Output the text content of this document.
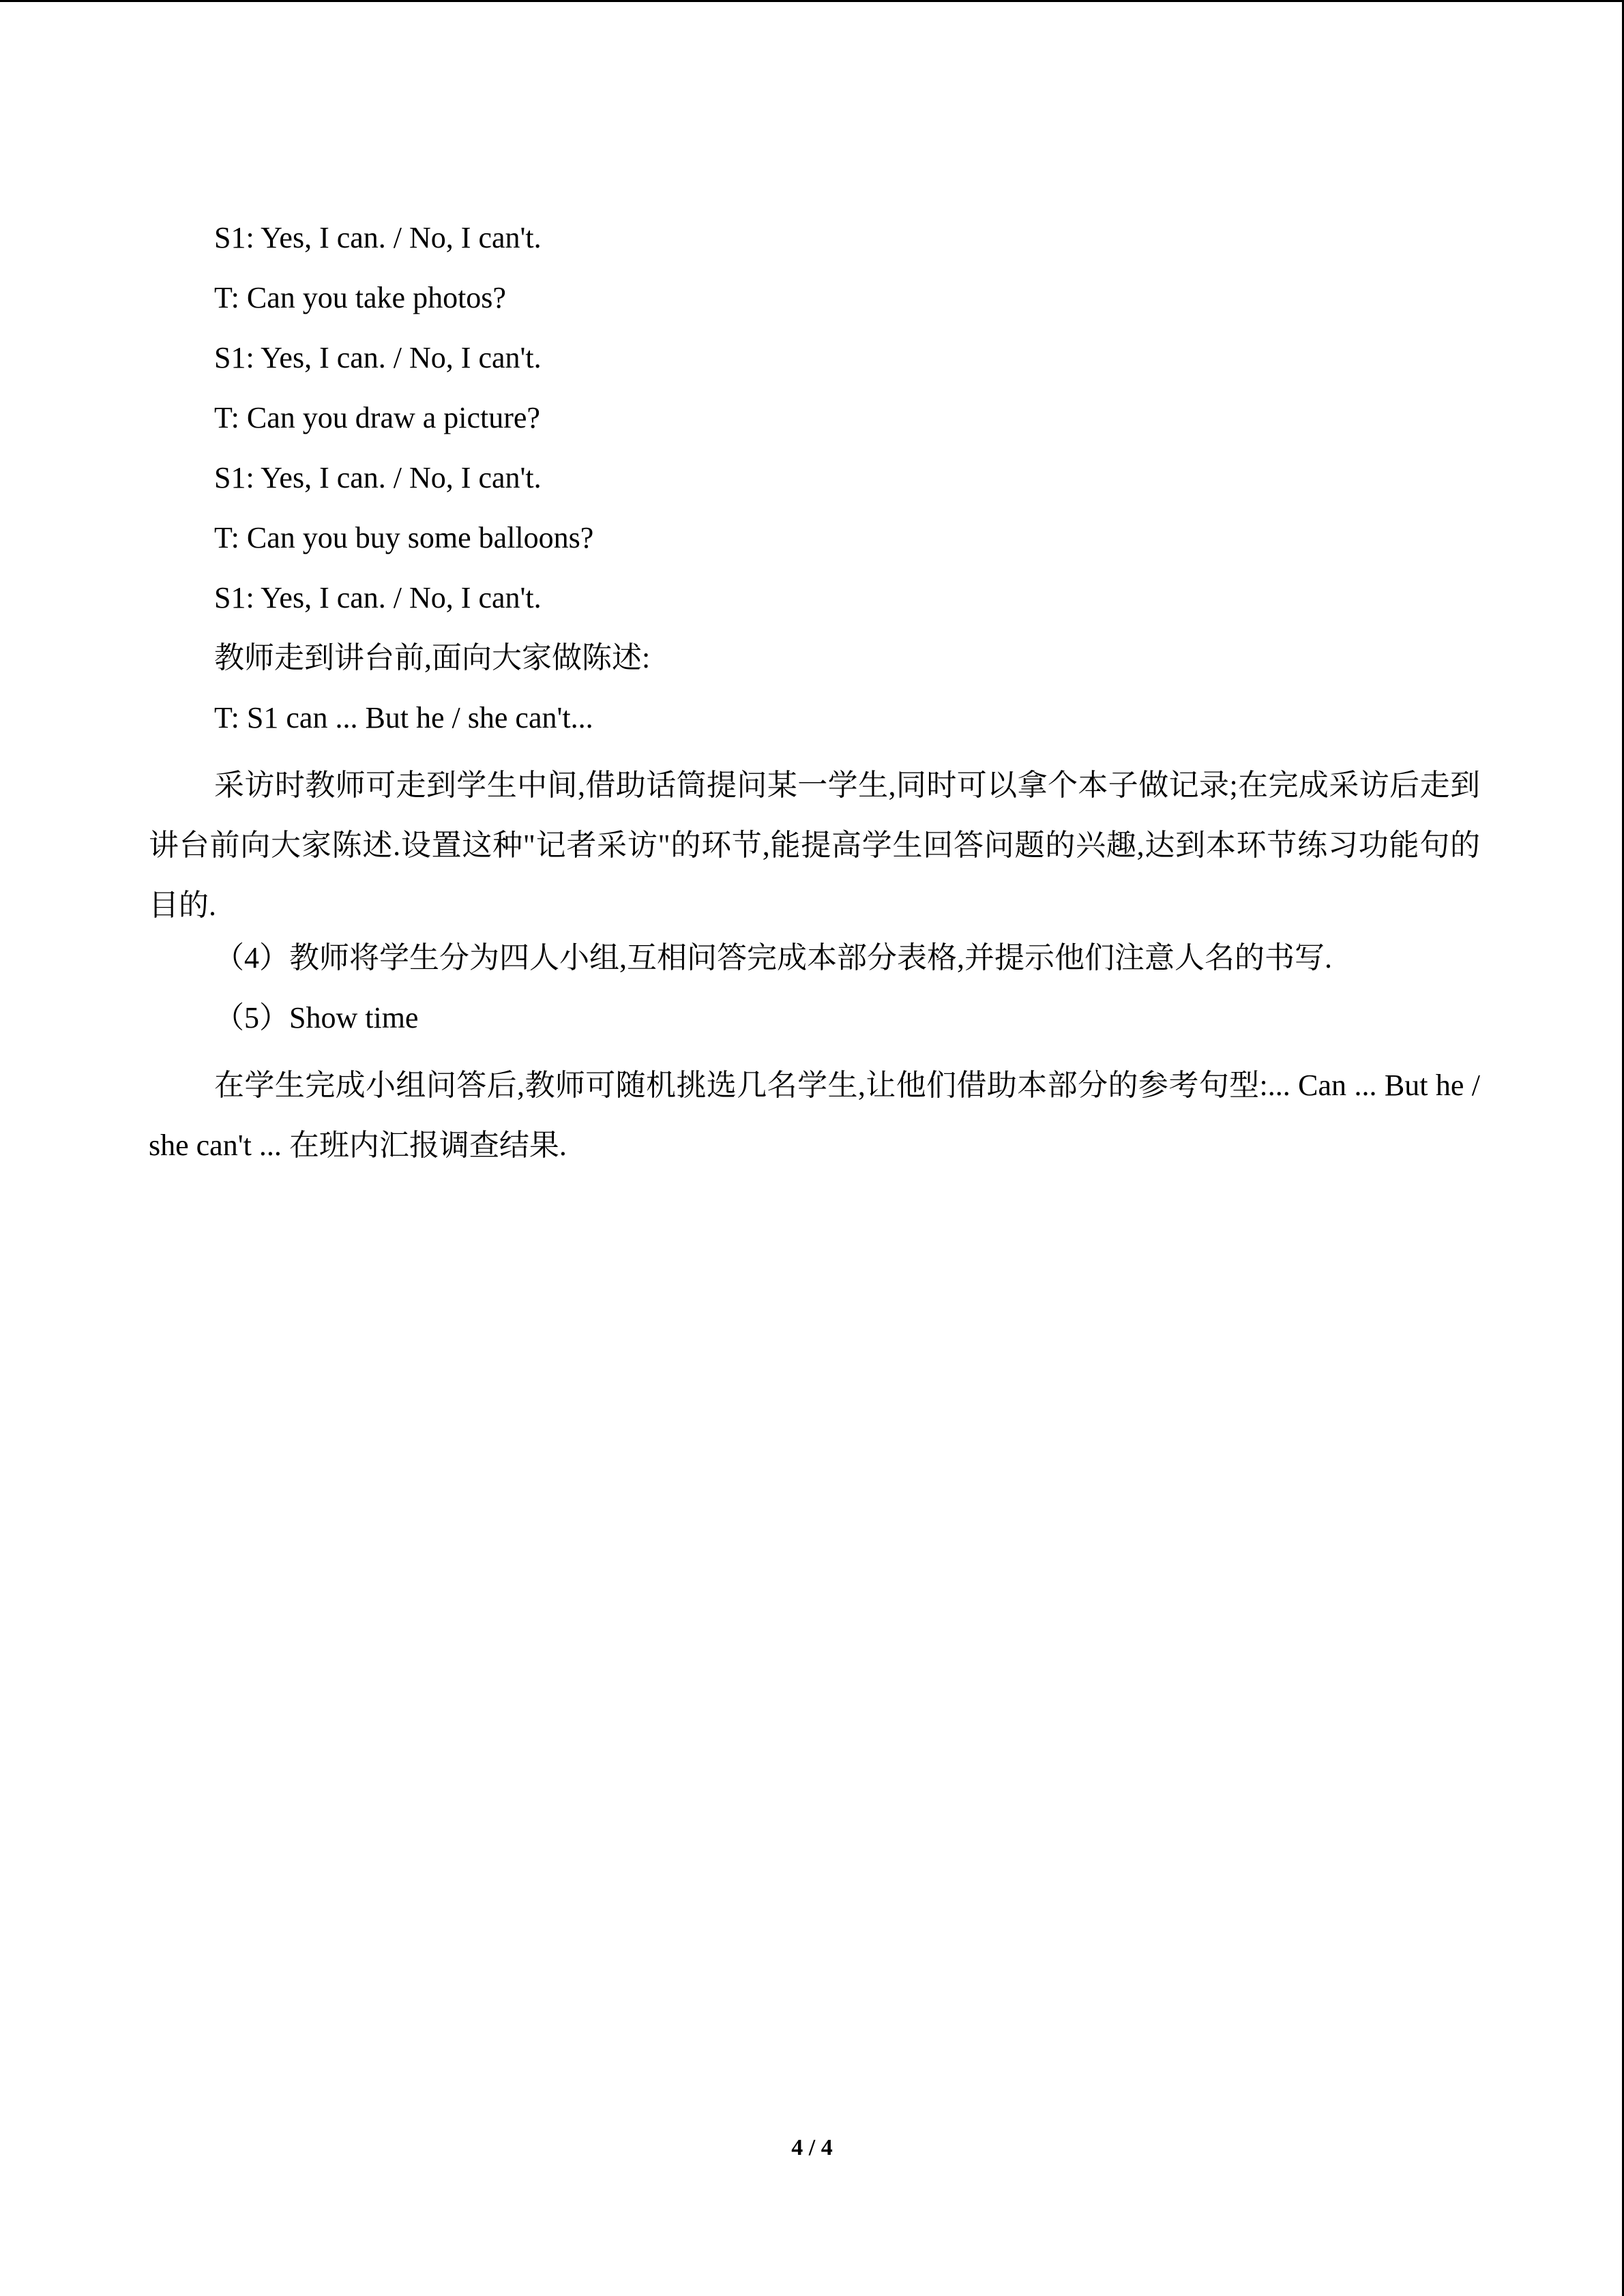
S1: Yes, I can. / No, I can't.
T: Can you take photos?
S1: Yes, I can. / No, I can't.
T: Can you draw a picture?
S1: Yes, I can. / No, I can't.
T: Can you buy some balloons?
S1: Yes, I can. / No, I can't.
教师走到讲台前,面向大家做陈述:
T: S1 can ... But he / she can't...
采访时教师可走到学生中间,借助话筒提问某一学生,同时可以拿个本子做记录;在完成采访后走到讲台前向大家陈述.设置这种"记者采访"的环节,能提高学生回答问题的兴趣,达到本环节练习功能句的目的.
（4）教师将学生分为四人小组,互相问答完成本部分表格,并提示他们注意人名的书写.
（5）Show time
在学生完成小组问答后,教师可随机挑选几名学生,让他们借助本部分的参考句型:... Can ... But he / she can't ... 在班内汇报调查结果.
4 / 4
